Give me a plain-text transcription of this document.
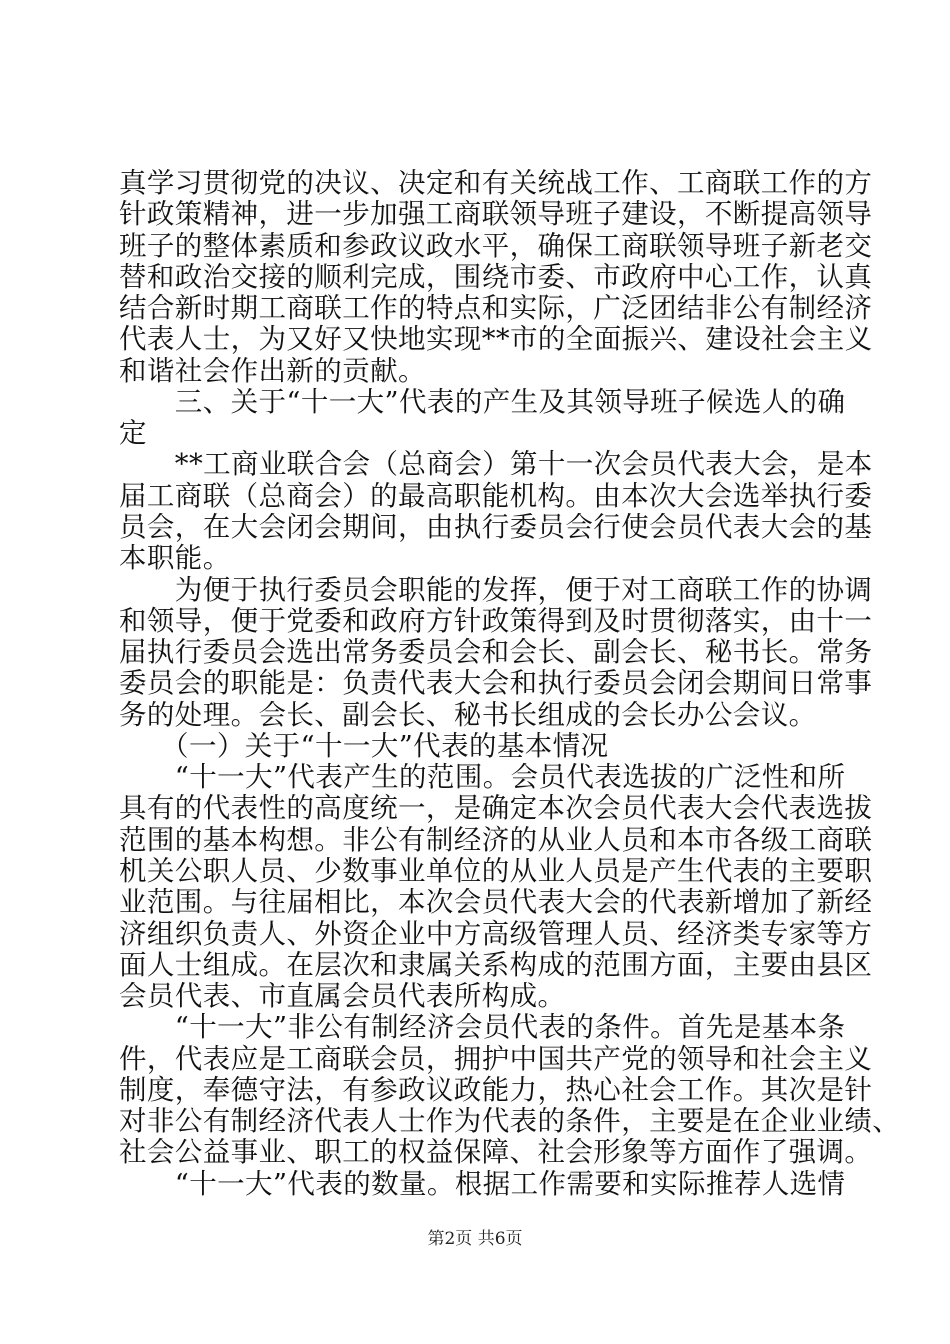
真学习贯彻党的决议、决定和有关统战工作、工商联工作的方
针政策精神，进一步加强工商联领导班子建设，不断提高领导
班子的整体素质和参政议政水平，确保工商联领导班子新老交
替和政治交接的顺利完成，围绕市委、市政府中心工作，认真
结合新时期工商联工作的特点和实际，广泛团结非公有制经济
代表人士，为又好又快地实现**市的全面振兴、建设社会主义
和谐社会作出新的贡献。
　　三、关于“十一大”代表的产生及其领导班子候选人的确
定
　　**工商业联合会（总商会）第十一次会员代表大会，是本
届工商联（总商会）的最高职能机构。由本次大会选举执行委
员会，在大会闭会期间，由执行委员会行使会员代表大会的基
本职能。
　　为便于执行委员会职能的发挥，便于对工商联工作的协调
和领导，便于党委和政府方针政策得到及时贯彻落实，由十一
届执行委员会选出常务委员会和会长、副会长、秘书长。常务
委员会的职能是：负责代表大会和执行委员会闭会期间日常事
务的处理。会长、副会长、秘书长组成的会长办公会议。
　　（一）关于“十一大”代表的基本情况
　　“十一大”代表产生的范围。会员代表选拔的广泛性和所
具有的代表性的高度统一，是确定本次会员代表大会代表选拔
范围的基本构想。非公有制经济的从业人员和本市各级工商联
机关公职人员、少数事业单位的从业人员是产生代表的主要职
业范围。与往届相比，本次会员代表大会的代表新增加了新经
济组织负责人、外资企业中方高级管理人员、经济类专家等方
面人士组成。在层次和隶属关系构成的范围方面，主要由县区
会员代表、市直属会员代表所构成。
　　“十一大”非公有制经济会员代表的条件。首先是基本条
件，代表应是工商联会员，拥护中国共产党的领导和社会主义
制度，奉德守法，有参政议政能力，热心社会工作。其次是针
对非公有制经济代表人士作为代表的条件，主要是在企业业绩、
社会公益事业、职工的权益保障、社会形象等方面作了强调。
　　“十一大”代表的数量。根据工作需要和实际推荐人选情
第2页 共6页
